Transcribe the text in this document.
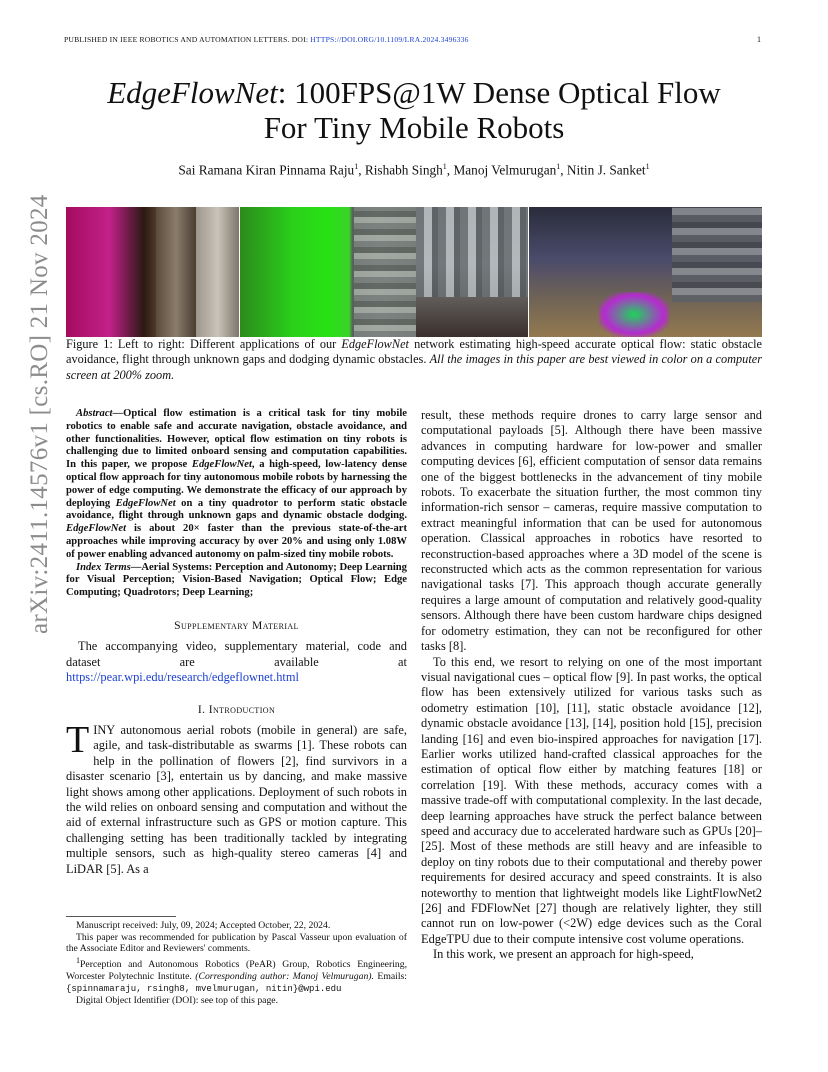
PUBLISHED IN IEEE ROBOTICS AND AUTOMATION LETTERS. DOI: HTTPS://DOI.ORG/10.1109/LRA.2024.3496336	1
EdgeFlowNet: 100FPS@1W Dense Optical Flow
For Tiny Mobile Robots
Sai Ramana Kiran Pinnama Raju$^1$, Rishabh Singh$^1$, Manoj Velmurugan$^1$, Nitin J. Sanket$^1$
arXiv:2411.14576v1 [cs.RO] 21 Nov 2024 Figure 1: Left to right: Different applications of our EdgeFlowNet network estimating high-speed accurate optical flow: static obstacle avoidance, flight through unknown gaps and dodging dynamic obstacles. All the images in this paper are best viewed in color on a computer screen at 200% zoom.

Abstract—Optical flow estimation is a critical task for tiny mobile robotics to enable safe and accurate navigation, obstacle avoidance, and other functionalities. However, optical flow estimation on tiny robots is challenging due to limited onboard sensing and computation capabilities. In this paper, we propose EdgeFlowNet, a high-speed, low-latency dense optical flow approach for tiny autonomous mobile robots by harnessing the power of edge computing. We demonstrate the efficacy of our approach by deploying EdgeFlowNet on a tiny quadrotor to perform static obstacle avoidance, flight through unknown gaps and dynamic obstacle dodging. EdgeFlowNet is about 20× faster than the previous state-of-the-art approaches while improving accuracy by over 20% and using only 1.08W of power enabling advanced autonomy on palm-sized tiny mobile robots.

Index Terms—Aerial Systems: Perception and Autonomy; Deep Learning for Visual Perception; Vision-Based Navigation; Optical Flow; Edge Computing; Quadrotors; Deep Learning;

Supplementary Material

The accompanying video, supplementary material, code and dataset are available at https://pear.wpi.edu/research/edgeflownet.html

I. Introduction

TINY autonomous aerial robots (mobile in general) are safe, agile, and task-distributable as swarms [1]. These robots can help in the pollination of flowers [2], find survivors in a disaster scenario [3], entertain us by dancing, and make massive light shows among other applications. Deployment of such robots in the wild relies on onboard sensing and computation and without the aid of external infrastructure such as GPS or motion capture. This challenging setting has been traditionally tackled by integrating multiple sensors, such as high-quality stereo cameras [4] and LiDAR [5]. As a

Manuscript received: July, 09, 2024; Accepted October, 22, 2024.
This paper was recommended for publication by Pascal Vasseur upon evaluation of the Associate Editor and Reviewers' comments.
$^1$Perception and Autonomous Robotics (PeAR) Group, Robotics Engineering, Worcester Polytechnic Institute. (Corresponding author: Manoj Velmurugan). Emails: {spinnamaraju, rsingh8, mvelmurugan, nitin}@wpi.edu
Digital Object Identifier (DOI): see top of this page.

result, these methods require drones to carry large sensor and computational payloads [5]. Although there have been massive advances in computing hardware for low-power and smaller computing devices [6], efficient computation of sensor data remains one of the biggest bottlenecks in the advancement of tiny mobile robots. To exacerbate the situation further, the most common tiny information-rich sensor – cameras, require massive computation to extract meaningful information that can be used for autonomous operation. Classical approaches in robotics have resorted to reconstruction-based approaches where a 3D model of the scene is reconstructed which acts as the common representation for various navigational tasks [7]. This approach though accurate generally requires a large amount of computation and relatively good-quality sensors. Although there have been custom hardware chips designed for odometry estimation, they can not be reconfigured for other tasks [8].

To this end, we resort to relying on one of the most important visual navigational cues – optical flow [9]. In past works, the optical flow has been extensively utilized for various tasks such as odometry estimation [10], [11], static obstacle avoidance [12], dynamic obstacle avoidance [13], [14], position hold [15], precision landing [16] and even bio-inspired approaches for navigation [17]. Earlier works utilized hand-crafted classical approaches for the estimation of optical flow either by matching features [18] or correlation [19]. With these methods, accuracy comes with a massive trade-off with computational complexity. In the last decade, deep learning approaches have struck the perfect balance between speed and accuracy due to accelerated hardware such as GPUs [20]–[25]. Most of these methods are still heavy and are infeasible to deploy on tiny robots due to their computational and thereby power requirements for desired accuracy and speed constraints. It is also noteworthy to mention that lightweight models like LightFlowNet2 [26] and FDFlowNet [27] though are relatively lighter, they still cannot run on low-power (<2W) edge devices such as the Coral EdgeTPU due to their compute intensive cost volume operations.

In this work, we present an approach for high-speed,
